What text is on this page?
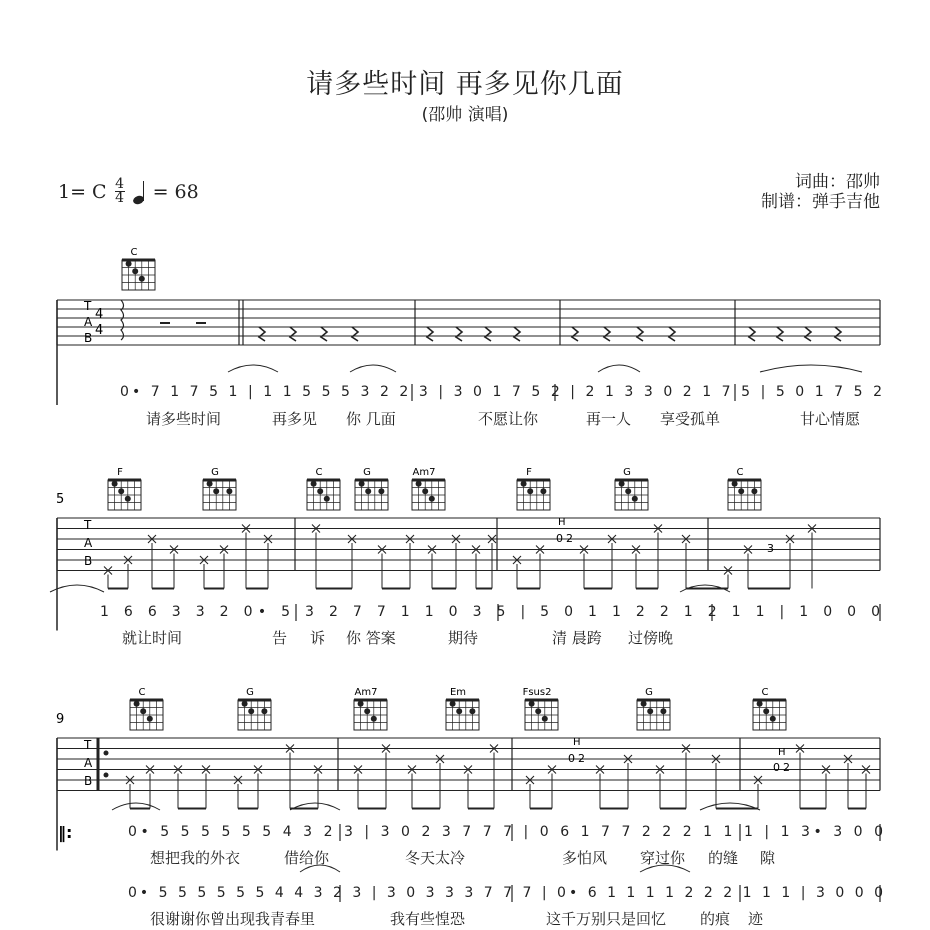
请多些时间 再多见你几面
(邵帅 演唱)
1= C 4
4 = 68	词曲：邵帅
制谱：弹手吉他
C
F	G	C	G	Am7	F	G	C
C	G	Am7	Em	Fsus2	G	C
5
9
T
A
B
4
4
T
A
B
T
A
B
H
0 2
3
H
0 2	H
0 2
‖:
0• 7 1 7 5 1 | 1 1 5 5 5 3 2 2 3 | 3 0 1 7 5 2 | 2 1 3 3 0 2 1 7 5 | 5 0 1 7 5 2
1 6 6 3 3 2 0• 5 3 2 7 7 1 1 0 3 5 | 5 0 1 1 2 2 1 2 1 1 | 1 0 0 0
0• 5 5 5 5 5 5 4 3 2 3 | 3 0 2 3 7 7 7 | 0 6 1 7 7 2 2 2 1 1 1 | 1 3• 3 0 0
0• 5 5 5 5 5 5 4 4 3 2 3 | 3 0 3 3 3 7 7 7 | 0• 6 1 1 1 1 2 2 2 1 1 1 | 3 0 0 0
请多些时间	再多见 你 几面	不愿让你	再一人 享受孤单	甘心情愿
就让时间	告 诉 你 答案	期待	清 晨跨 过傍晚
想把我的外衣	借给你	冬天太冷	多怕风 穿过你 的缝 隙
很谢谢你曾出现我青春里	我有些惶恐	这千万别只是回忆 的痕 迹
